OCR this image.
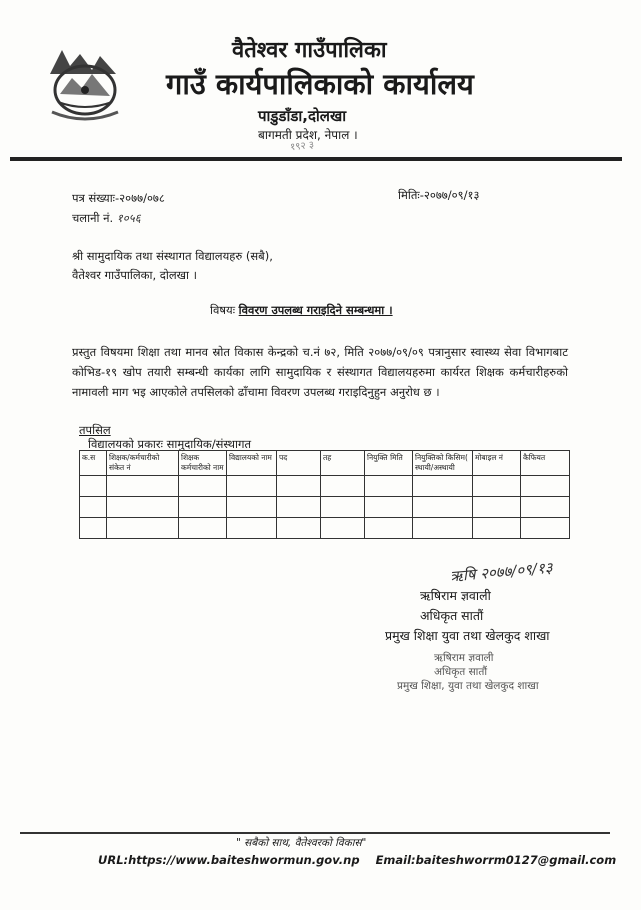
वैतेश्वर गाउँपालिका
गाउँ कार्यपालिकाको कार्यालय
पाडुडाँडा,दोलखा
बागमती प्रदेश, नेपाल ।
१९२ ३
पत्र संख्याः-२०७७/०७८
चलानी नं. १०५६
मितिः-२०७७/०९/१३
श्री सामुदायिक तथा संस्थागत विद्यालयहरु (सबै),
वैतेश्वर गाउँपालिका, दोलखा ।
विषयः विवरण उपलब्ध गराइदिने सम्बन्धमा ।
प्रस्तुत विषयमा शिक्षा तथा मानव स्रोत विकास केन्द्रको च.नं ७२, मिति २०७७/०९/०९ पत्रानुसार स्वास्थ्य सेवा विभागबाट कोभिड-१९ खोप तयारी सम्बन्धी कार्यका लागि सामुदायिक र संस्थागत विद्यालयहरुमा कार्यरत शिक्षक कर्मचारीहरुको नामावली माग भइ आएकोले तपसिलको ढाँचामा विवरण उपलब्ध गराइदिनुहुन अनुरोध छ ।
तपसिल
विद्यालयको प्रकारः सामुदायिक/संस्थागत
क.स	शिक्षक/कर्मचारीको संकेत नं	शिक्षक कर्मचारीको नाम	विद्यालयको नाम	पद	तह	नियुक्ति मिति	नियुक्तिको किसिम( स्थायी/अस्थायी	मोबाइल नं	कैफियत

ऋषि २०७७/०९/१३
ऋषिराम ज्ञवाली
अधिकृत सातौं
प्रमुख शिक्षा युवा तथा खेलकुद शाखा
ऋषिराम ज्ञवाली
अधिकृत सातौं
प्रमुख शिक्षा, युवा तथा खेलकुद शाखा
" सबैको साथ, वैतेश्वरको विकास"
URL:https://www.baiteshwormun.gov.np Email:baiteshworrm0127@gmail.com
